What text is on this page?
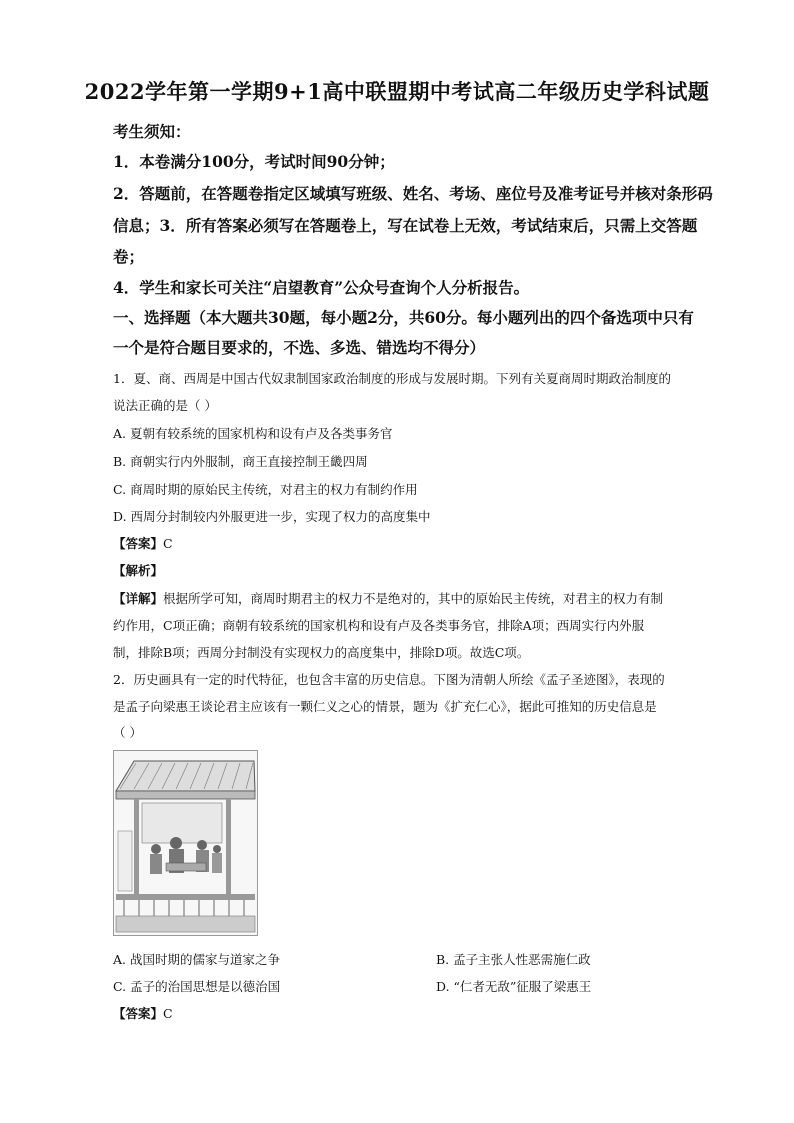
2022学年第一学期9+1高中联盟期中考试高二年级历史学科试题
考生须知：
1．本卷满分100分，考试时间90分钟；
2．答题前，在答题卷指定区域填写班级、姓名、考场、座位号及准考证号并核对条形码
信息；3．所有答案必须写在答题卷上，写在试卷上无效，考试结束后，只需上交答题
卷；
4．学生和家长可关注“启望教育”公众号查询个人分析报告。
一、选择题（本大题共30题，每小题2分，共60分。每小题列出的四个备选项中只有
一个是符合题目要求的，不选、多选、错选均不得分）
1．夏、商、西周是中国古代奴隶制国家政治制度的形成与发展时期。下列有关夏商周时期政治制度的
说法正确的是（ ）
A. 夏朝有较系统的国家机构和设有卢及各类事务官
B. 商朝实行内外服制，商王直接控制王畿四周
C. 商周时期的原始民主传统，对君主的权力有制约作用
D. 西周分封制较内外服更进一步，实现了权力的高度集中
【答案】C
【解析】
【详解】根据所学可知，商周时期君主的权力不是绝对的，其中的原始民主传统，对君主的权力有制
约作用，C项正确；商朝有较系统的国家机构和设有卢及各类事务官，排除A项；西周实行内外服
制，排除B项；西周分封制没有实现权力的高度集中，排除D项。故选C项。
2．历史画具有一定的时代特征，也包含丰富的历史信息。下图为清朝人所绘《孟子圣迹图》，表现的
是孟子向梁惠王谈论君主应该有一颗仁义之心的情景，题为《扩充仁心》，据此可推知的历史信息是
（ ）
A. 战国时期的儒家与道家之争	B. 孟子主张人性恶需施仁政
C. 孟子的治国思想是以德治国	D. “仁者无敌”征服了梁惠王
【答案】C
